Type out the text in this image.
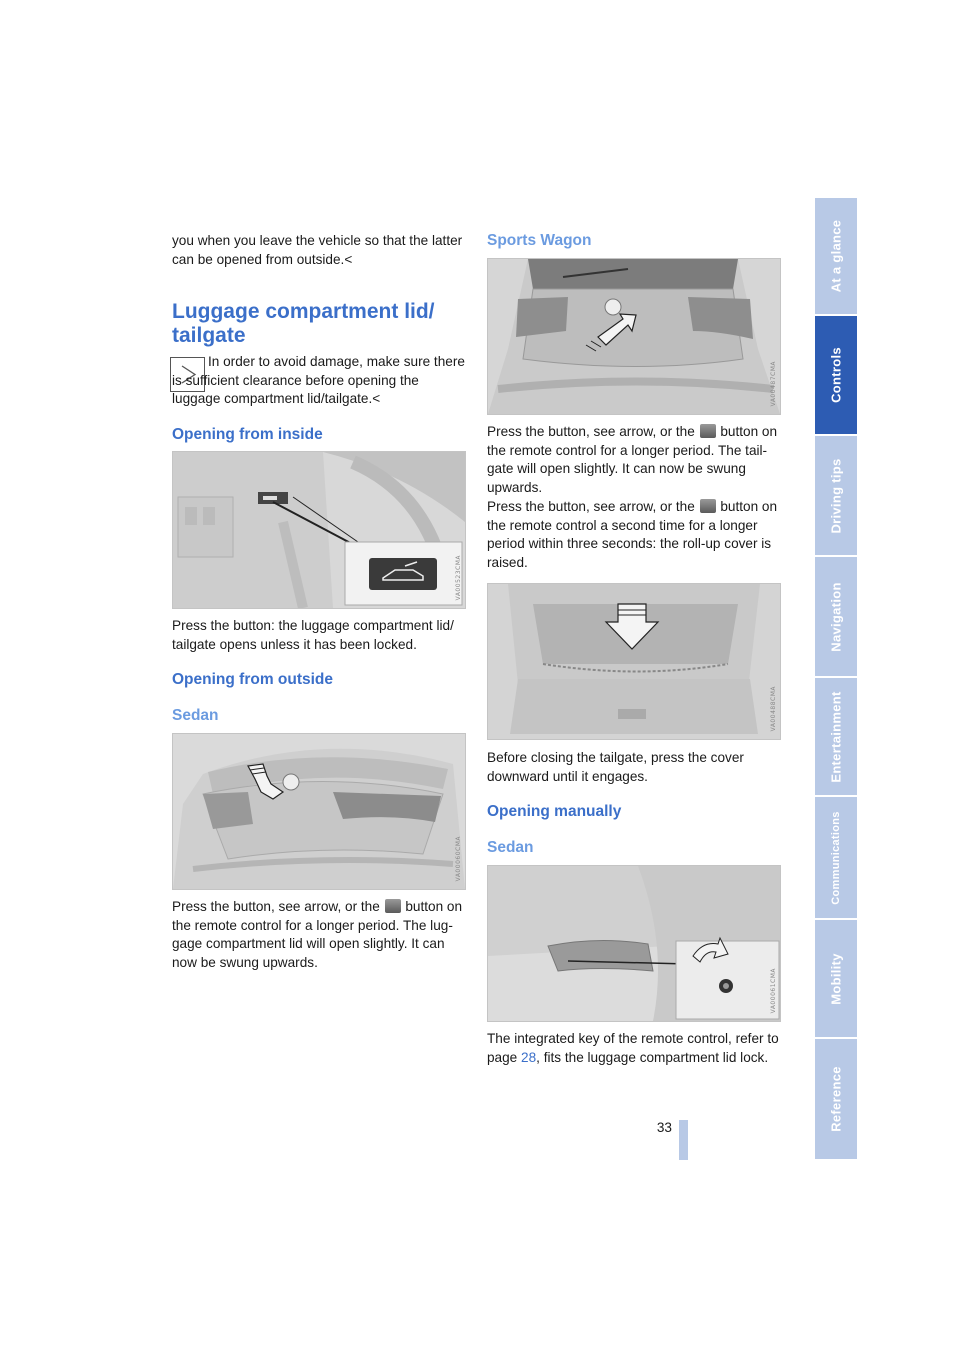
you when you leave the vehicle so that the latter can be opened from outside.<

Luggage compartment lid/ tailgate

In order to avoid damage, make sure there is sufficient clearance before opening the luggage compartment lid/tailgate.<

Opening from inside
VA00523CMA

Press the button: the luggage compartment lid/ tailgate opens unless it has been locked.

Opening from outside
Sedan
VA00060CMA

Press the button, see arrow, or the button on the remote control for a longer period. The lug- gage compartment lid will open slightly. It can now be swung upwards.

Sports Wagon
VA00487CMA

Press the button, see arrow, or the button on the remote control for a longer period. The tail- gate will open slightly. It can now be swung upwards.

Press the button, see arrow, or the button on the remote control a second time for a longer period within three seconds: the roll-up cover is raised.

VA00488CMA

Before closing the tailgate, press the cover downward until it engages.

Opening manually
Sedan
VA00061CMA

The integrated key of the remote control, refer to page 28, fits the luggage compartment lid lock.

33
At a glance
Controls
Driving tips
Navigation
Entertainment
Communications
Mobility
Reference
